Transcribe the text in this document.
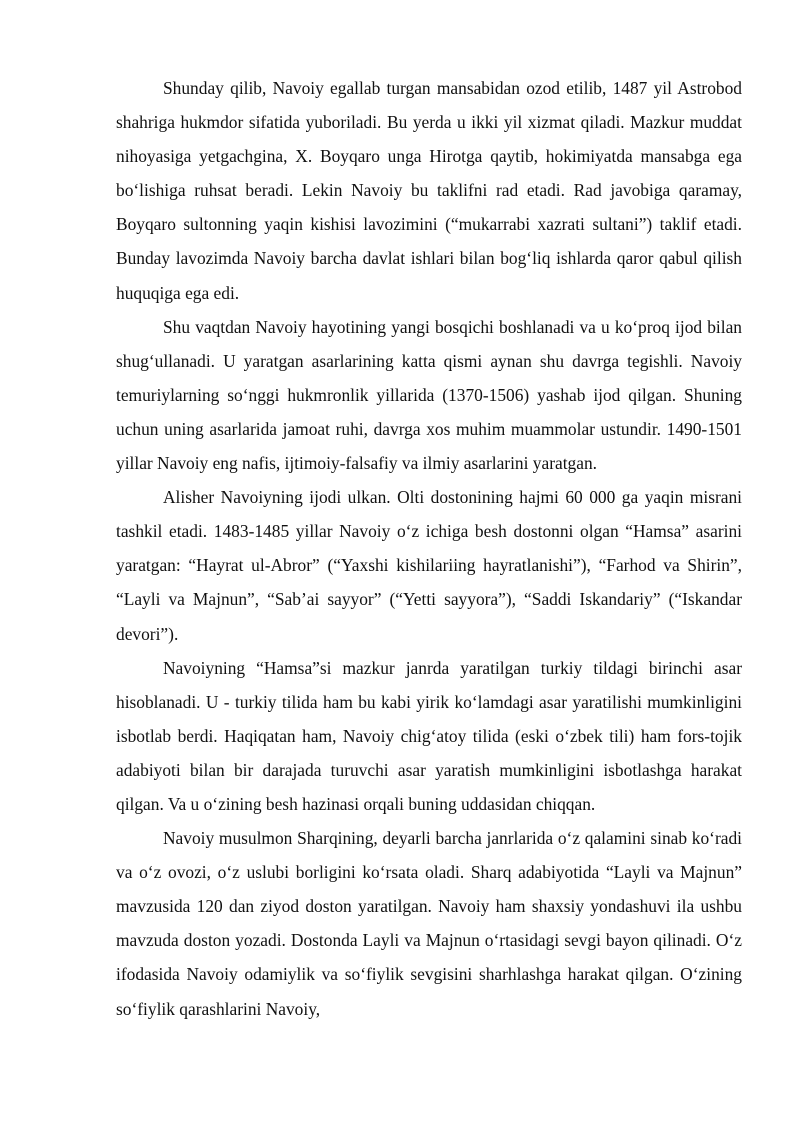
Shunday qilib, Navoiy egallab turgan mansabidan ozod etilib, 1487 yil Astrobod shahriga hukmdor sifatida yuboriladi. Bu yerda u ikki yil xizmat qiladi. Mazkur muddat nihoyasiga yetgachgina, X. Boyqaro unga Hirotga qaytib, hokimiyatda mansabga ega bo‘lishiga ruhsat beradi. Lekin Navoiy bu taklifni rad etadi. Rad javobiga qaramay, Boyqaro sultonning yaqin kishisi lavozimini (“mukarrabi xazrati sultani”) taklif etadi. Bunday lavozimda Navoiy barcha davlat ishlari bilan bog‘liq ishlarda qaror qabul qilish huquqiga ega edi.

Shu vaqtdan Navoiy hayotining yangi bosqichi boshlanadi va u ko‘proq ijod bilan shug‘ullanadi. U yaratgan asarlarining katta qismi aynan shu davrga tegishli. Navoiy temuriylarning so‘nggi hukmronlik yillarida (1370-1506) yashab ijod qilgan. Shuning uchun uning asarlarida jamoat ruhi, davrga xos muhim muammolar ustundir. 1490-1501 yillar Navoiy eng nafis, ijtimoiy-falsafiy va ilmiy asarlarini yaratgan.

Alisher Navoiyning ijodi ulkan. Olti dostonining hajmi 60 000 ga yaqin misrani tashkil etadi. 1483-1485 yillar Navoiy o‘z ichiga besh dostonni olgan “Hamsa” asarini yaratgan: “Hayrat ul-Abror” (“Yaxshi kishilariing hayratlanishi”), “Farhod va Shirin”, “Layli va Majnun”, “Sab’ai sayyor” (“Yetti sayyora”), “Saddi Iskandariy” (“Iskandar devori”).

Navoiyning “Hamsa”si mazkur janrda yaratilgan turkiy tildagi birinchi asar hisoblanadi. U - turkiy tilida ham bu kabi yirik ko‘lamdagi asar yaratilishi mumkinligini isbotlab berdi. Haqiqatan ham, Navoiy chig‘atoy tilida (eski o‘zbek tili) ham fors-tojik adabiyoti bilan bir darajada turuvchi asar yaratish mumkinligini isbotlashga harakat qilgan. Va u o‘zining besh hazinasi orqali buning uddasidan chiqqan.

Navoiy musulmon Sharqining, deyarli barcha janrlarida o‘z qalamini sinab ko‘radi va o‘z ovozi, o‘z uslubi borligini ko‘rsata oladi. Sharq adabiyotida “Layli va Majnun” mavzusida 120 dan ziyod doston yaratilgan. Navoiy ham shaxsiy yondashuvi ila ushbu mavzuda doston yozadi. Dostonda Layli va Majnun o‘rtasidagi sevgi bayon qilinadi. O‘z ifodasida Navoiy odamiylik va so‘fiylik sevgisini sharhlashga harakat qilgan. O‘zining so‘fiylik qarashlarini Navoiy,
